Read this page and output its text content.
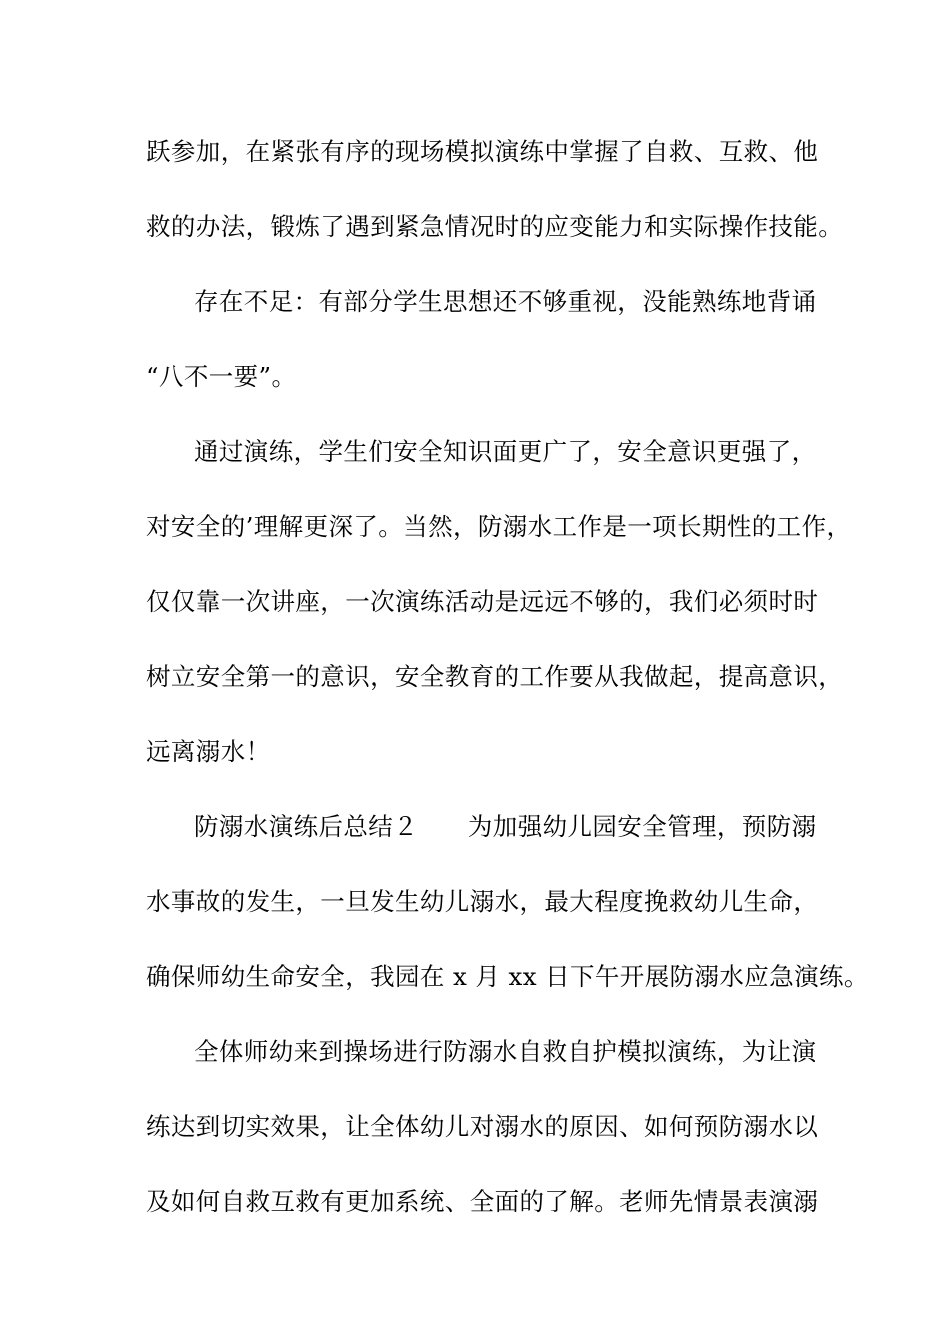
跃参加，在紧张有序的现场模拟演练中掌握了自救、互救、他
救的办法，锻炼了遇到紧急情况时的应变能力和实际操作技能。
存在不足：有部分学生思想还不够重视，没能熟练地背诵
“八不一要”。
通过演练，学生们安全知识面更广了，安全意识更强了，
对安全的’理解更深了。当然，防溺水工作是一项长期性的工作，
仅仅靠一次讲座，一次演练活动是远远不够的，我们必须时时
树立安全第一的意识，安全教育的工作要从我做起，提高意识，
远离溺水！
防溺水演练后总结２　　为加强幼儿园安全管理，预防溺
水事故的发生，一旦发生幼儿溺水，最大程度挽救幼儿生命，
确保师幼生命安全，我园在 x 月 xx 日下午开展防溺水应急演练。
全体师幼来到操场进行防溺水自救自护模拟演练，为让演
练达到切实效果，让全体幼儿对溺水的原因、如何预防溺水以
及如何自救互救有更加系统、全面的了解。老师先情景表演溺
